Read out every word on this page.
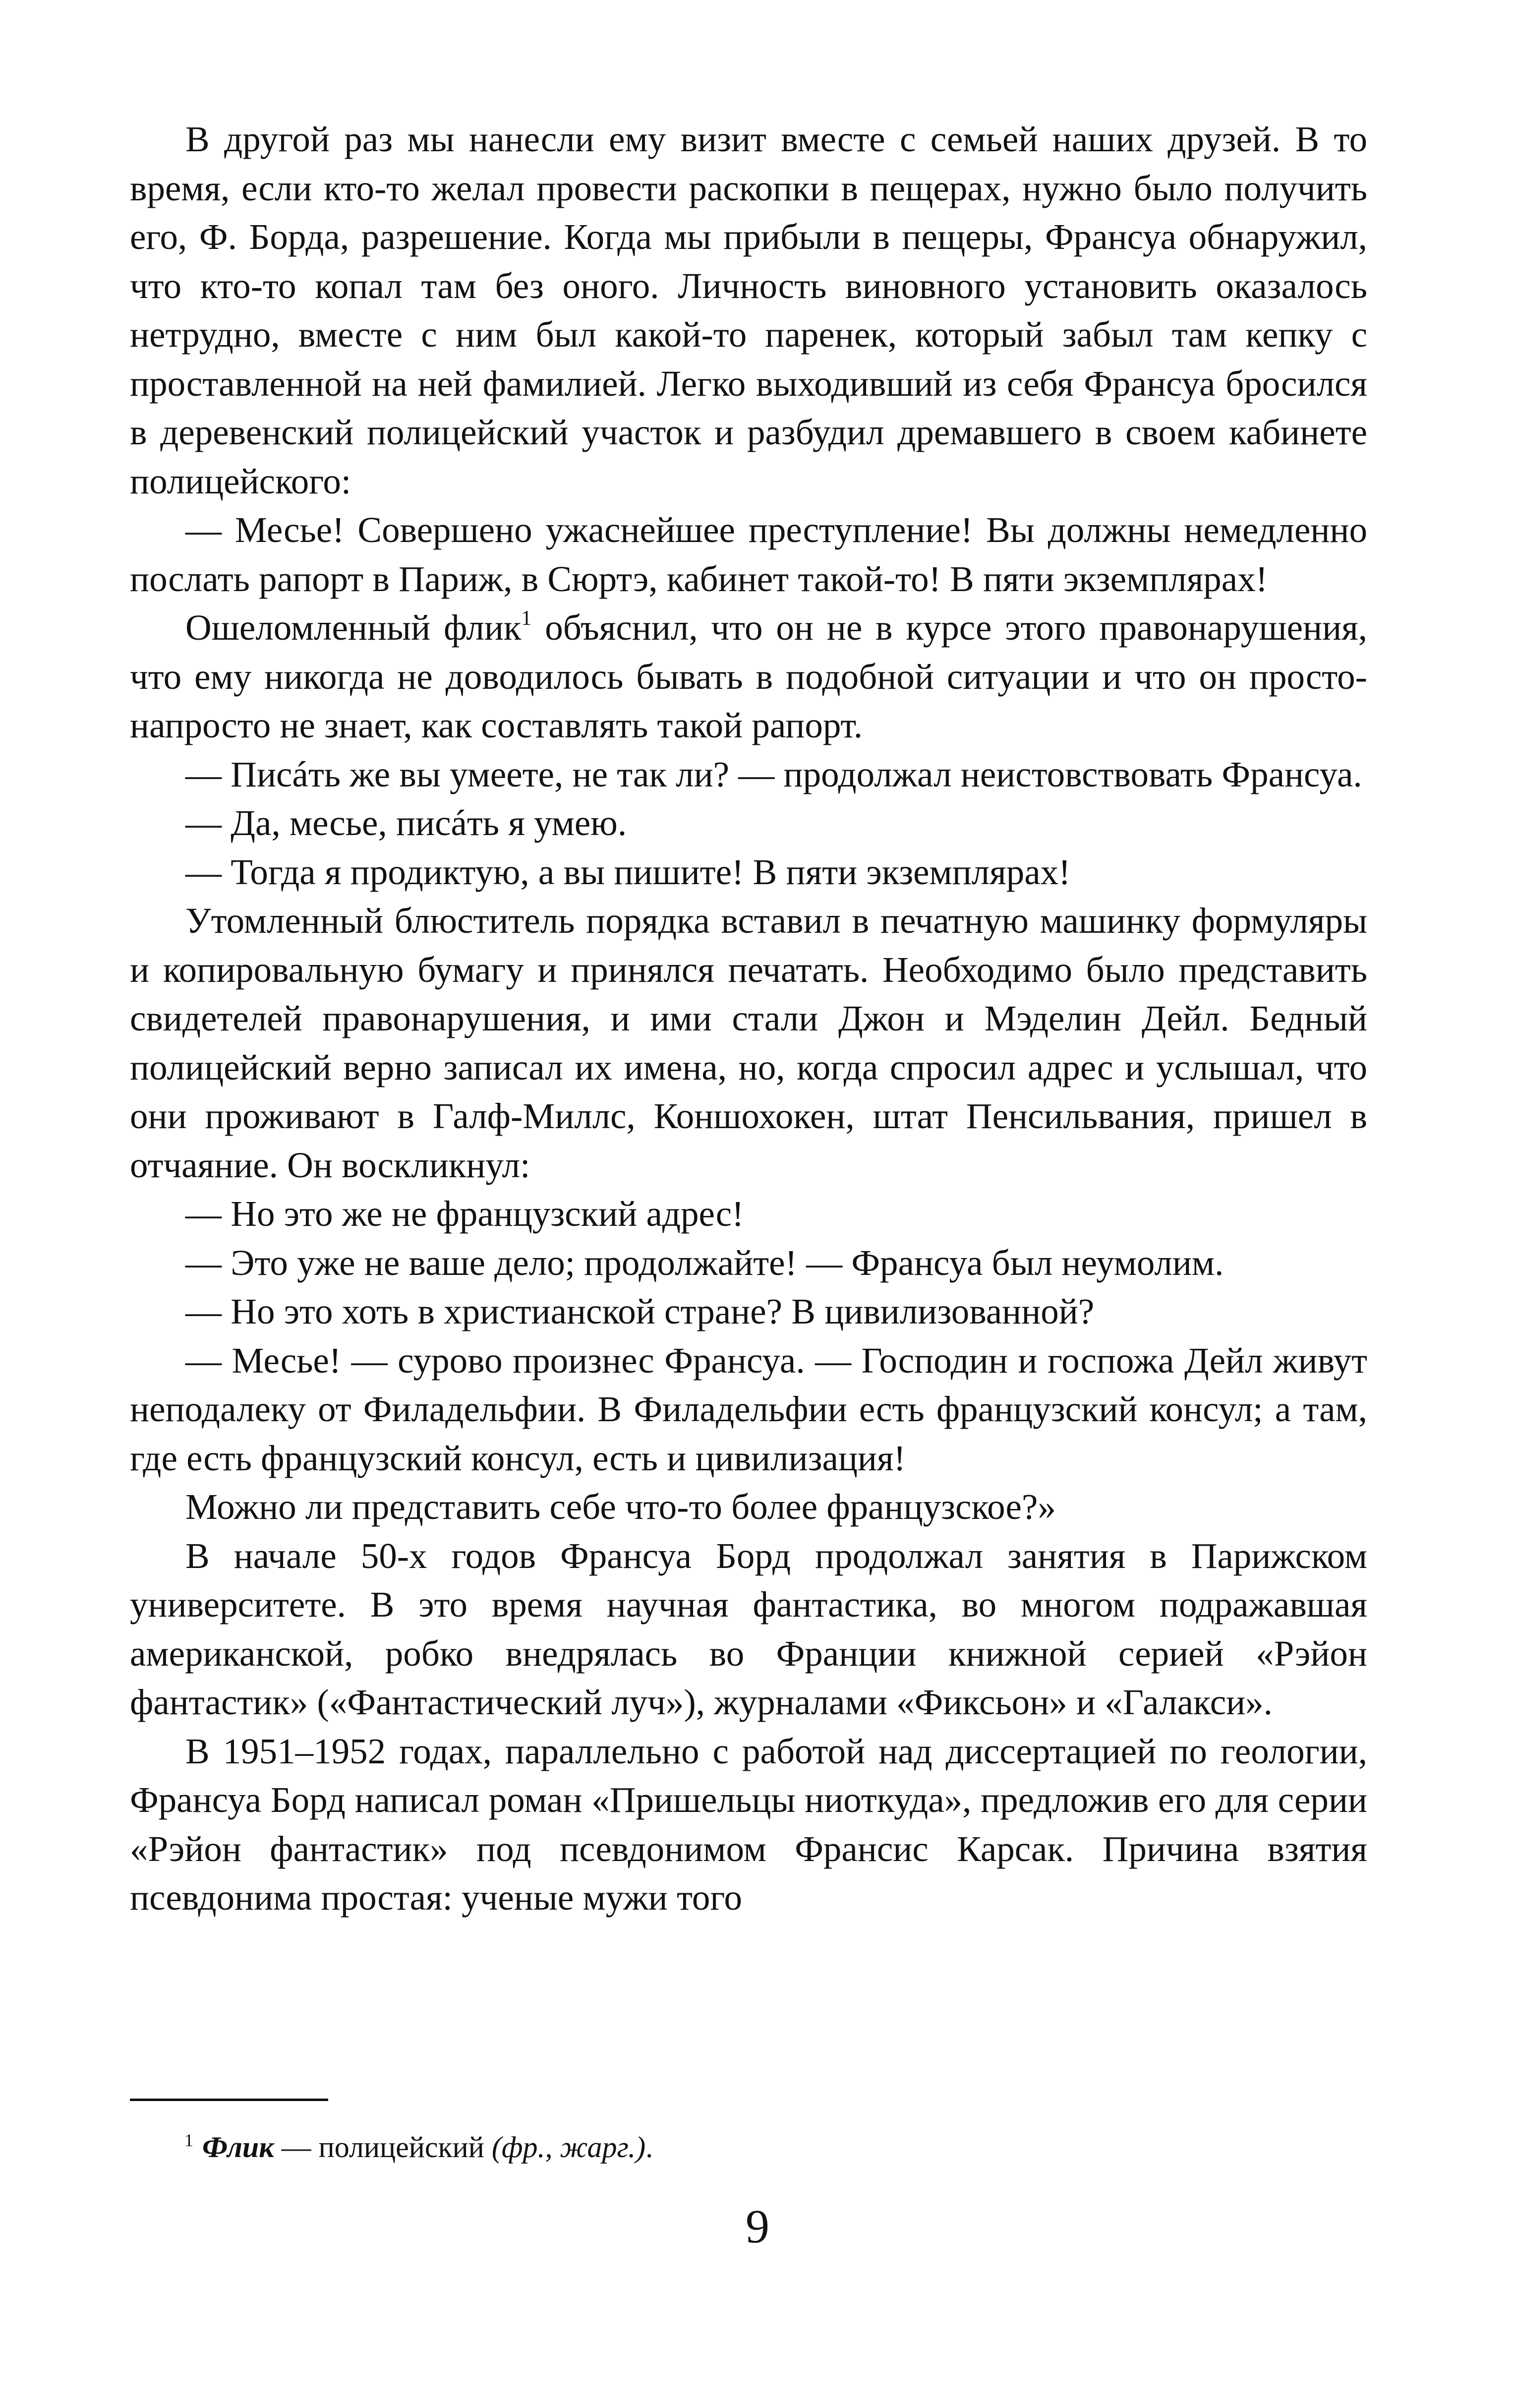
В другой раз мы нанесли ему визит вместе с семьей наших друзей. В то время, если кто-то желал провести раскопки в пещерах, нужно было получить его, Ф. Борда, разрешение. Когда мы прибыли в пещеры, Франсуа обнаружил, что кто-то копал там без оного. Личность виновного установить оказалось нетрудно, вместе с ним был какой-то паренек, который забыл там кепку с проставленной на ней фамилией. Легко выходивший из себя Франсуа бросился в деревенский полицейский участок и разбудил дремавшего в своем кабинете полицейского:

— Месье! Совершено ужаснейшее преступление! Вы должны немедленно послать рапорт в Париж, в Сюртэ, кабинет такой-то! В пяти экземплярах!

Ошеломленный флик$^1$ объяснил, что он не в курсе этого правонарушения, что ему никогда не доводилось бывать в подобной ситуации и что он просто-напросто не знает, как составлять такой рапорт.

— Писáть же вы умеете, не так ли? — продолжал неистовствовать Франсуа.

— Да, месье, писáть я умею.

— Тогда я продиктую, а вы пишите! В пяти экземплярах!

Утомленный блюститель порядка вставил в печатную машинку формуляры и копировальную бумагу и принялся печатать. Необходимо было представить свидетелей правонарушения, и ими стали Джон и Мэделин Дейл. Бедный полицейский верно записал их имена, но, когда спросил адрес и услышал, что они проживают в Галф-Миллс, Коншохокен, штат Пенсильвания, пришел в отчаяние. Он воскликнул:

— Но это же не французский адрес!

— Это уже не ваше дело; продолжайте! — Франсуа был неумолим.

— Но это хоть в христианской стране? В цивилизованной?

— Месье! — сурово произнес Франсуа. — Господин и госпожа Дейл живут неподалеку от Филадельфии. В Филадельфии есть французский консул; а там, где есть французский консул, есть и цивилизация!

Можно ли представить себе что-то более французское?»

В начале 50-х годов Франсуа Борд продолжал занятия в Парижском университете. В это время научная фантастика, во многом подражавшая американской, робко внедрялась во Франции книжной серией «Рэйон фантастик» («Фантастический луч»), журналами «Фиксьон» и «Галакси».

В 1951–1952 годах, параллельно с работой над диссертацией по геологии, Франсуа Борд написал роман «Пришельцы ниоткуда», предложив его для серии «Рэйон фантастик» под псевдонимом Франсис Карсак. Причина взятия псевдонима простая: ученые мужи того

$^1$ Флик — полицейский (фр., жарг.).
9
